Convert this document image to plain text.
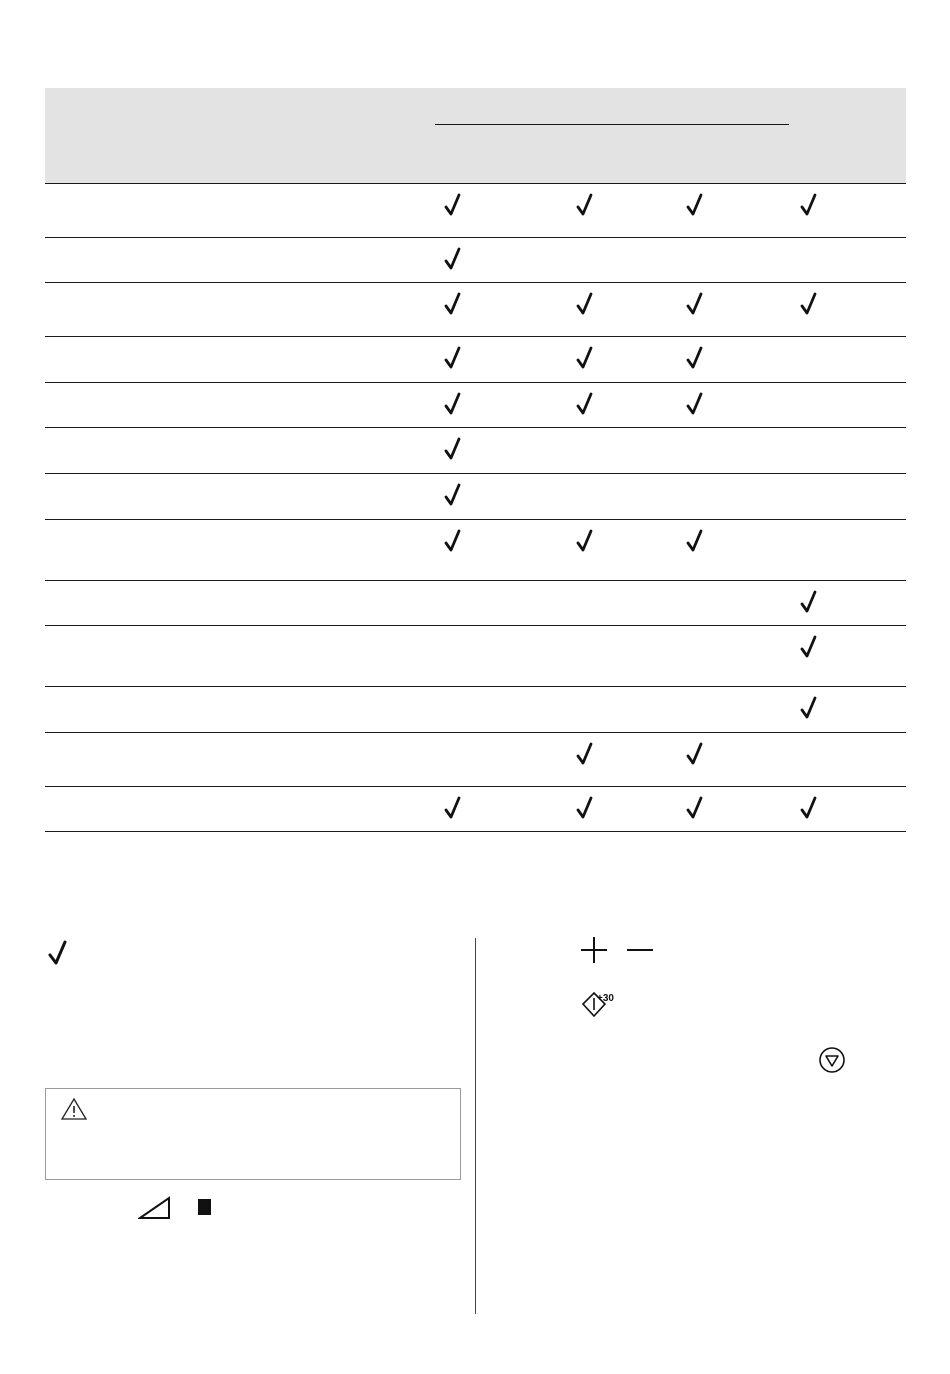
+30
